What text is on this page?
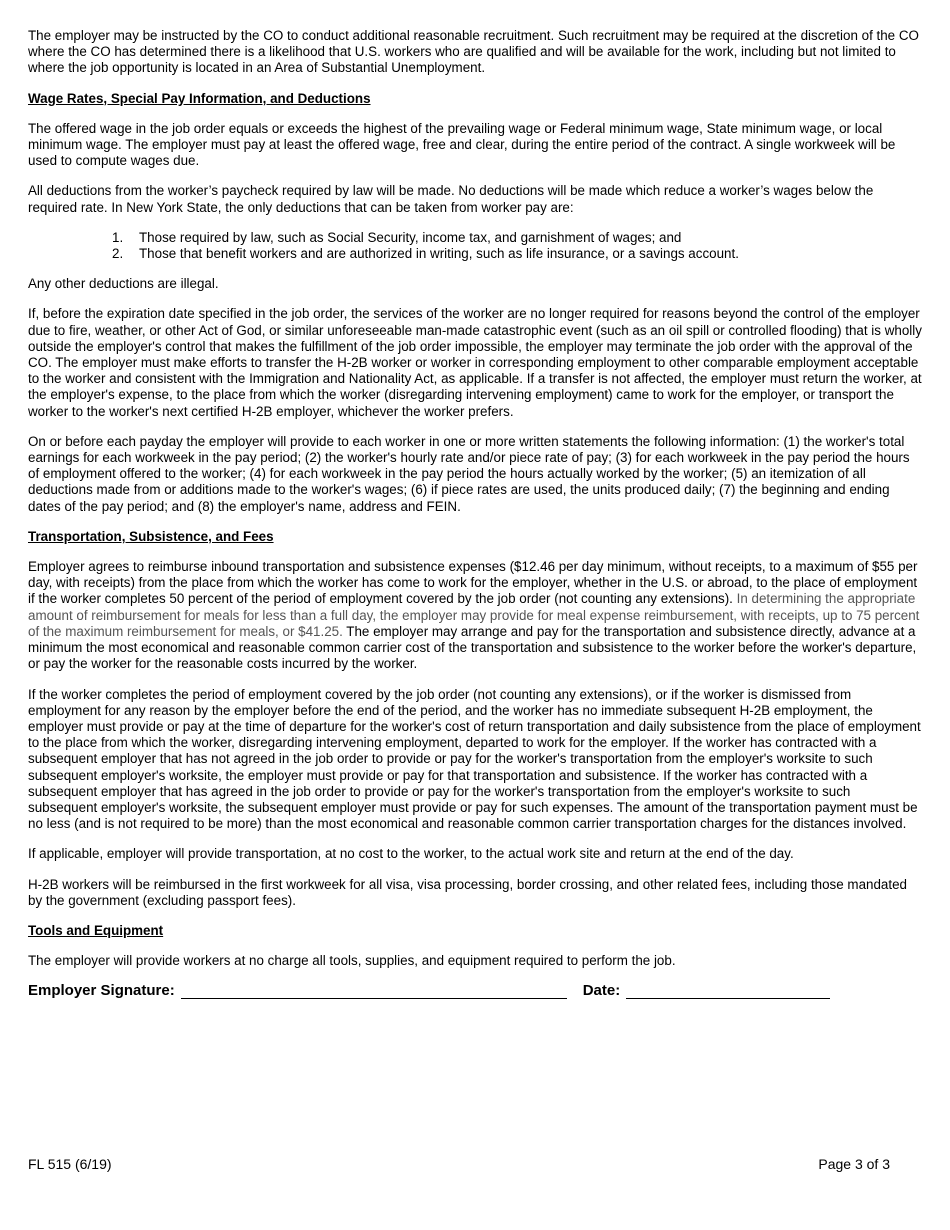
The employer may be instructed by the CO to conduct additional reasonable recruitment. Such recruitment may be required at the discretion of the CO where the CO has determined there is a likelihood that U.S. workers who are qualified and will be available for the work, including but not limited to where the job opportunity is located in an Area of Substantial Unemployment.

Wage Rates, Special Pay Information, and Deductions

The offered wage in the job order equals or exceeds the highest of the prevailing wage or Federal minimum wage, State minimum wage, or local minimum wage. The employer must pay at least the offered wage, free and clear, during the entire period of the contract. A single workweek will be used to compute wages due.

All deductions from the worker’s paycheck required by law will be made. No deductions will be made which reduce a worker’s wages below the required rate. In New York State, the only deductions that can be taken from worker pay are:

1.	Those required by law, such as Social Security, income tax, and garnishment of wages; and
2.	Those that benefit workers and are authorized in writing, such as life insurance, or a savings account.

Any other deductions are illegal.

If, before the expiration date specified in the job order, the services of the worker are no longer required for reasons beyond the control of the employer due to fire, weather, or other Act of God, or similar unforeseeable man-made catastrophic event (such as an oil spill or controlled flooding) that is wholly outside the employer's control that makes the fulfillment of the job order impossible, the employer may terminate the job order with the approval of the CO. The employer must make efforts to transfer the H-2B worker or worker in corresponding employment to other comparable employment acceptable to the worker and consistent with the Immigration and Nationality Act, as applicable. If a transfer is not affected, the employer must return the worker, at the employer's expense, to the place from which the worker (disregarding intervening employment) came to work for the employer, or transport the worker to the worker's next certified H-2B employer, whichever the worker prefers.

On or before each payday the employer will provide to each worker in one or more written statements the following information: (1) the worker's total earnings for each workweek in the pay period; (2) the worker's hourly rate and/or piece rate of pay; (3) for each workweek in the pay period the hours of employment offered to the worker; (4) for each workweek in the pay period the hours actually worked by the worker; (5) an itemization of all deductions made from or additions made to the worker's wages; (6) if piece rates are used, the units produced daily; (7) the beginning and ending dates of the pay period; and (8) the employer's name, address and FEIN.

Transportation, Subsistence, and Fees

Employer agrees to reimburse inbound transportation and subsistence expenses ($12.46 per day minimum, without receipts, to a maximum of $55 per day, with receipts) from the place from which the worker has come to work for the employer, whether in the U.S. or abroad, to the place of employment if the worker completes 50 percent of the period of employment covered by the job order (not counting any extensions). In determining the appropriate amount of reimbursement for meals for less than a full day, the employer may provide for meal expense reimbursement, with receipts, up to 75 percent of the maximum reimbursement for meals, or $41.25. The employer may arrange and pay for the transportation and subsistence directly, advance at a minimum the most economical and reasonable common carrier cost of the transportation and subsistence to the worker before the worker's departure, or pay the worker for the reasonable costs incurred by the worker.

If the worker completes the period of employment covered by the job order (not counting any extensions), or if the worker is dismissed from employment for any reason by the employer before the end of the period, and the worker has no immediate subsequent H-2B employment, the employer must provide or pay at the time of departure for the worker's cost of return transportation and daily subsistence from the place of employment to the place from which the worker, disregarding intervening employment, departed to work for the employer. If the worker has contracted with a subsequent employer that has not agreed in the job order to provide or pay for the worker's transportation from the employer's worksite to such subsequent employer's worksite, the employer must provide or pay for that transportation and subsistence. If the worker has contracted with a subsequent employer that has agreed in the job order to provide or pay for the worker's transportation from the employer's worksite to such subsequent employer's worksite, the subsequent employer must provide or pay for such expenses. The amount of the transportation payment must be no less (and is not required to be more) than the most economical and reasonable common carrier transportation charges for the distances involved.

If applicable, employer will provide transportation, at no cost to the worker, to the actual work site and return at the end of the day.

H-2B workers will be reimbursed in the first workweek for all visa, visa processing, border crossing, and other related fees, including those mandated by the government (excluding passport fees).

Tools and Equipment

The employer will provide workers at no charge all tools, supplies, and equipment required to perform the job.

Employer Signature:	Date:
FL 515 (6/19)	Page 3 of 3
